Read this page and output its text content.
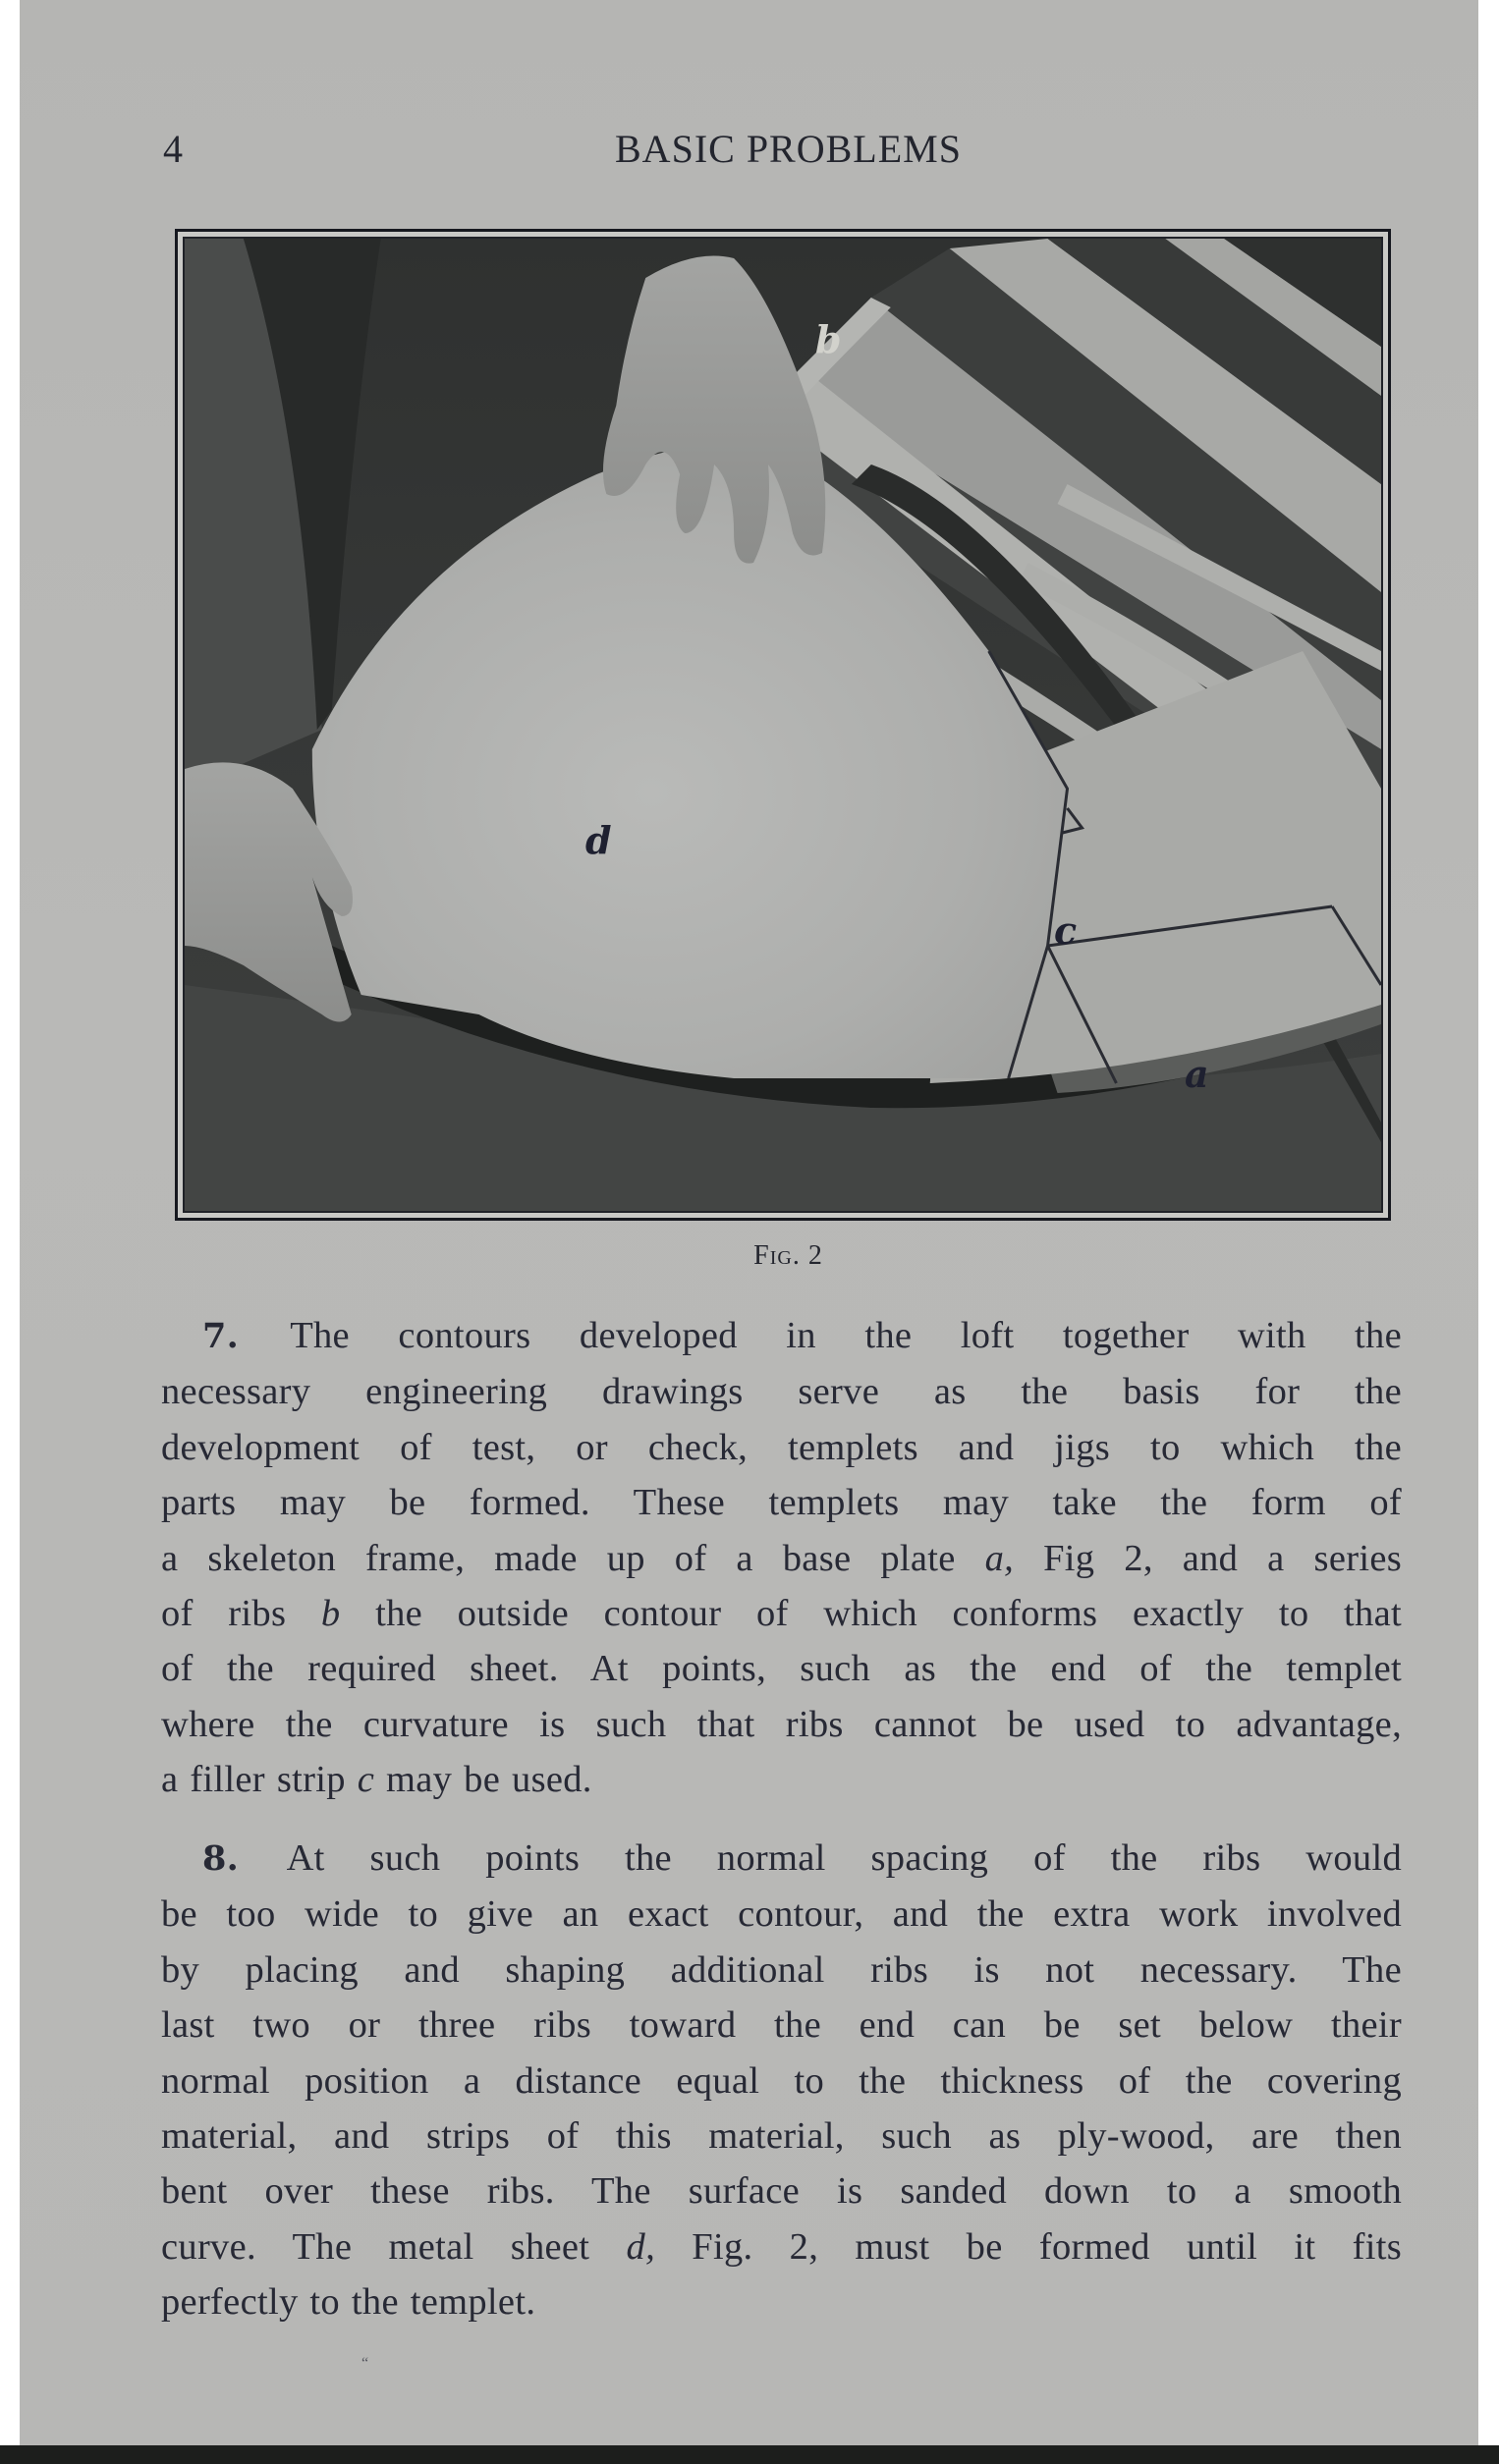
4	BASIC PROBLEMS
b
d
c
a
Fig. 2
7. The contours developed in the loft together with the
necessary engineering drawings serve as the basis for the
development of test, or check, templets and jigs to which the
parts may be formed. These templets may take the form of
a skeleton frame, made up of a base plate a, Fig 2, and a series
of ribs b the outside contour of which conforms exactly to that
of the required sheet. At points, such as the end of the templet
where the curvature is such that ribs cannot be used to advantage,
a filler strip c may be used.
8. At such points the normal spacing of the ribs would
be too wide to give an exact contour, and the extra work involved
by placing and shaping additional ribs is not necessary. The
last two or three ribs toward the end can be set below their
normal position a distance equal to the thickness of the covering
material, and strips of this material, such as ply-wood, are then
bent over these ribs. The surface is sanded down to a smooth
curve. The metal sheet d, Fig. 2, must be formed until it fits
perfectly to the templet.
“
